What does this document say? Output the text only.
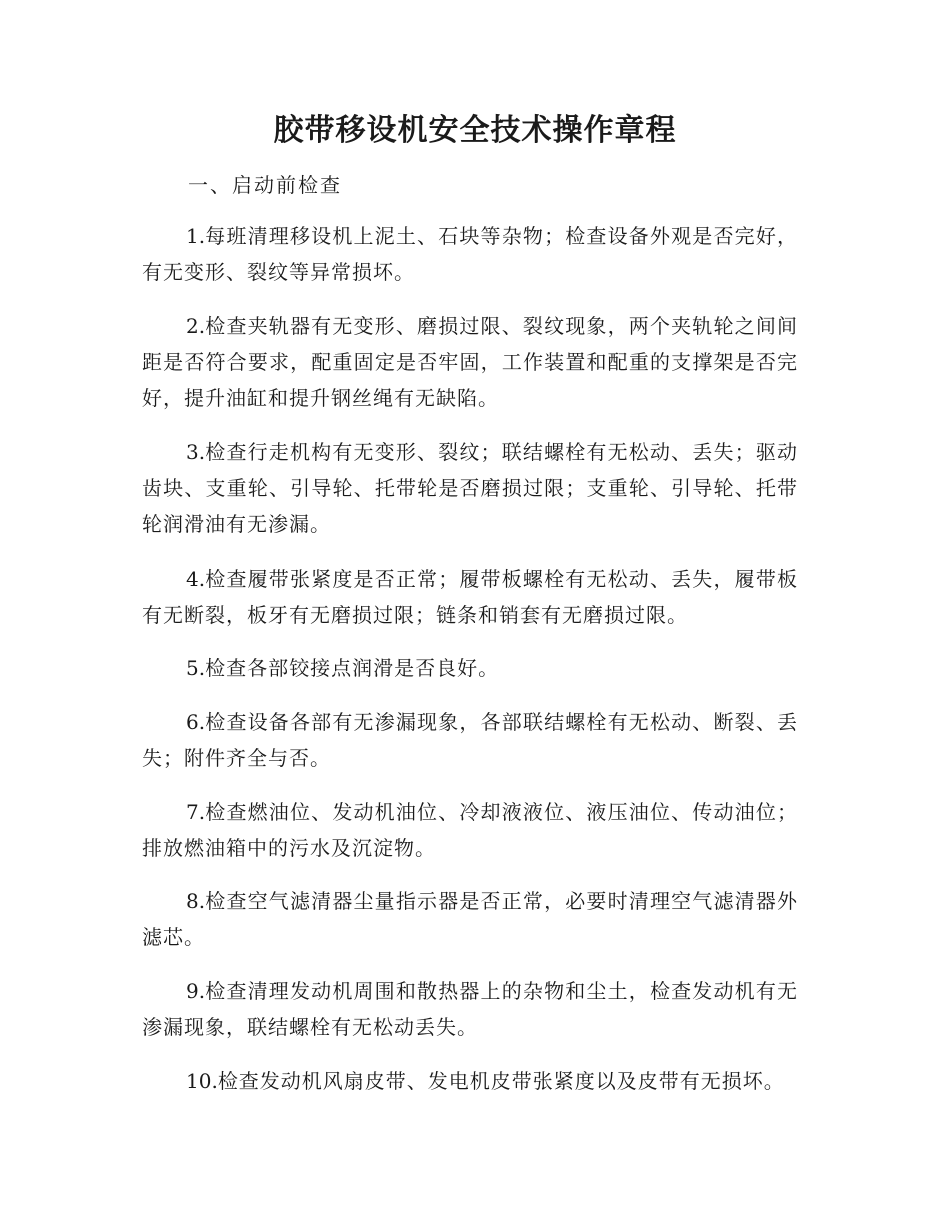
胶带移设机安全技术操作章程

一、启动前检查

1.每班清理移设机上泥土、石块等杂物；检查设备外观是否完好，有无变形、裂纹等异常损坏。

2.检查夹轨器有无变形、磨损过限、裂纹现象，两个夹轨轮之间间距是否符合要求，配重固定是否牢固，工作装置和配重的支撑架是否完好，提升油缸和提升钢丝绳有无缺陷。

3.检查行走机构有无变形、裂纹；联结螺栓有无松动、丢失；驱动齿块、支重轮、引导轮、托带轮是否磨损过限；支重轮、引导轮、托带轮润滑油有无渗漏。

4.检查履带张紧度是否正常；履带板螺栓有无松动、丢失，履带板有无断裂，板牙有无磨损过限；链条和销套有无磨损过限。

5.检查各部铰接点润滑是否良好。

6.检查设备各部有无渗漏现象，各部联结螺栓有无松动、断裂、丢失；附件齐全与否。

7.检查燃油位、发动机油位、冷却液液位、液压油位、传动油位；排放燃油箱中的污水及沉淀物。

8.检查空气滤清器尘量指示器是否正常，必要时清理空气滤清器外滤芯。

9.检查清理发动机周围和散热器上的杂物和尘土，检查发动机有无渗漏现象，联结螺栓有无松动丢失。

10.检查发动机风扇皮带、发电机皮带张紧度以及皮带有无损坏。
